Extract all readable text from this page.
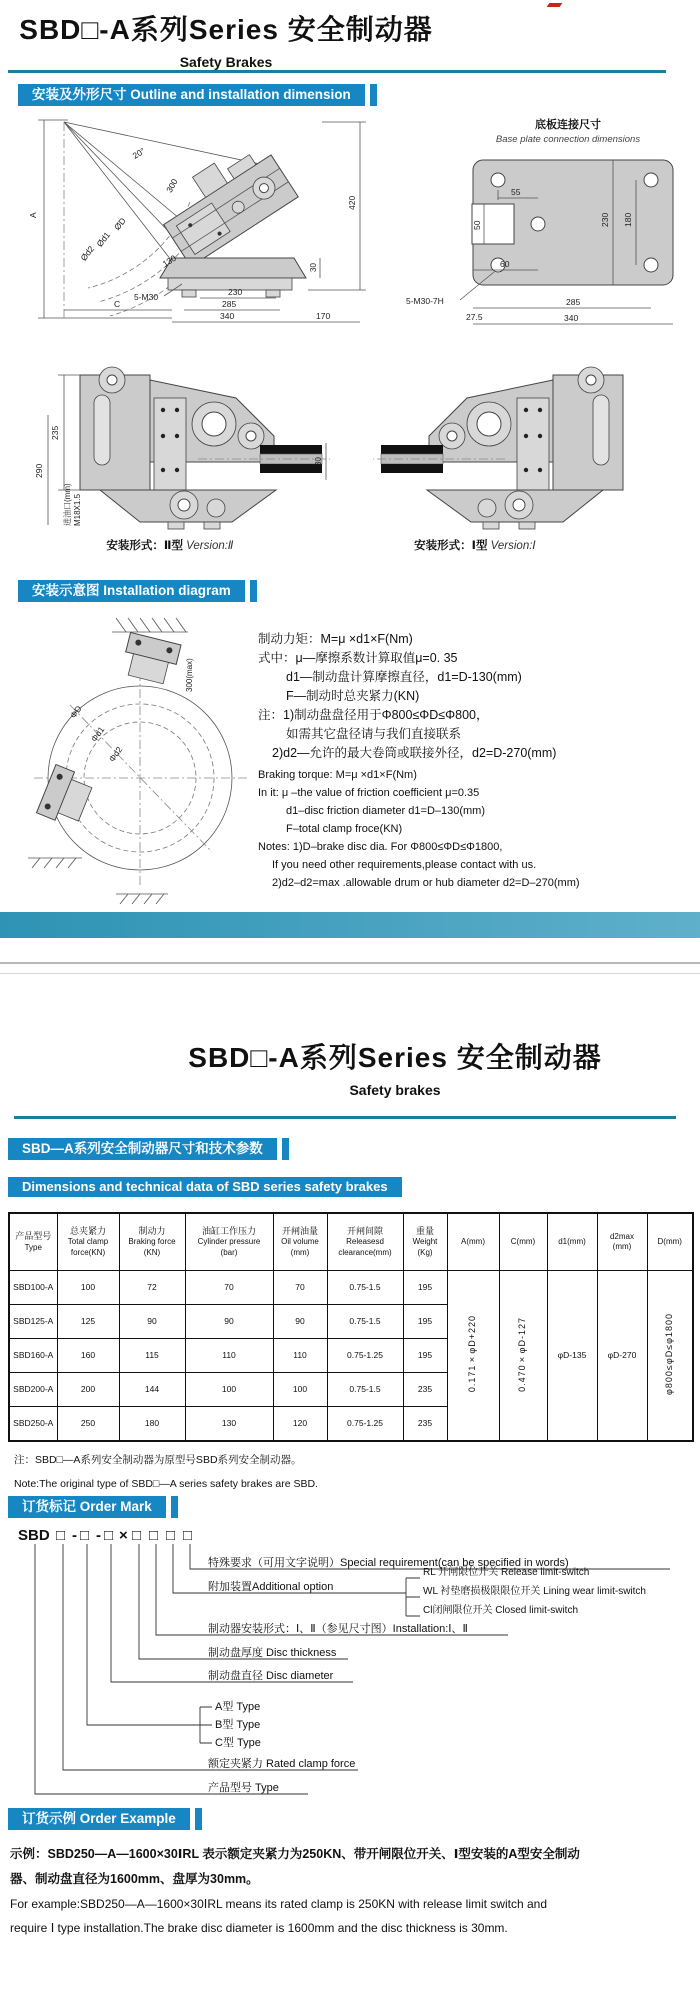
SBD□-A系列Series 安全制动器
Safety Brakes
安装及外形尺寸 Outline and installation dimension
A
20°
300
ØD
Ød1
Ød2	130
420
30
5-M30	230
C	285
340	170
底板连接尺寸
Base plate connection dimensions
55
50
60
230 180
5-M30-7H
27.5
285
340
235
290
进油口(mm) M18X1.5
30
安装形式：Ⅱ型 Version:Ⅱ	安装形式：Ⅰ型 Version:Ⅰ
安装示意图 Installation diagram
ΦD
Φd1
Φd2
300(max)
制动力矩：M=μ ×d1×F(Nm)
式中：μ—摩擦系数计算取值μ=0. 35
d1—制动盘计算摩擦直径，d1=D-130(mm)
F—制动时总夹紧力(KN)
注：1)制动盘盘径用于Φ800≤ΦD≤Φ800，
如需其它盘径请与我们直接联系
2)d2—允许的最大卷筒或联接外径，d2=D-270(mm)
Braking torque: M=μ ×d1×F(Nm)
In it: μ –the value of friction coefficient μ=0.35
d1–disc friction diameter d1=D–130(mm)
F–total clamp froce(KN)
Notes: 1)D–brake disc dia. For Φ800≤ΦD≤Φ1800,
If you need other requirements,please contact with us.
2)d2–d2=max .allowable drum or hub diameter d2=D–270(mm)
SBD□-A系列Series 安全制动器
Safety brakes
SBD—A系列安全制动器尺寸和技术参数
Dimensions and technical data of SBD series safety brakes
产品型号
Type

总夹紧力
Total clamp
force(KN)

制动力
Braking force
(KN)

油缸工作压力
Cylinder pressure
(bar)

开闸油量
Oil volume
(mm)

开闸间隙
Releasesd
clearance(mm)

重量
Weight
(Kg)

A(mm)	C(mm)	d1(mm)

d2max
(mm)

D(mm)

SBD100-A	100	72	70	70	0.75-1.5	195	0.171×φD+220	0.470×φD-127	φD-135	φD-270	φ800≤φD≤φ1800
SBD125-A	125	90	90	90	0.75-1.5	195					
SBD160-A	160	115	110	110	0.75-1.25	195					
SBD200-A	200	144	100	100	0.75-1.5	235					
SBD250-A	250	180	130	120	0.75-1.25	235					
注：SBD□—A系列安全制动器为原型号SBD系列安全制动器。
Note:The original type of SBD□—A series safety brakes are SBD.
订货标记 Order Mark
SBD □ - □ - □ × □ □ □ □
特殊要求（可用文字说明）Special requirement(can be specified in words)
附加装置Additional option
RL 开闸限位开关 Release limit-switch
WL 衬垫磨损极限限位开关 Lining wear limit-switch
Cl闭闸限位开关 Closed limit-switch
制动器安装形式：Ⅰ、Ⅱ（参见尺寸图）Installation:Ⅰ、Ⅱ
制动盘厚度 Disc thickness
制动盘直径 Disc diameter
A型 Type
B型 Type
C型 Type
额定夹紧力 Rated clamp force
产品型号 Type
订货示例 Order Example
示例：SBD250—A—1600×30ⅠRL 表示额定夹紧力为250KN、带开闸限位开关、Ⅰ型安装的A型安全制动
器、制动盘直径为1600mm、盘厚为30mm。
For example:SBD250—A—1600×30ⅠRL means its rated clamp is 250KN with release limit switch and
require Ⅰ type installation.The brake disc diameter is 1600mm and the disc thickness is 30mm.
